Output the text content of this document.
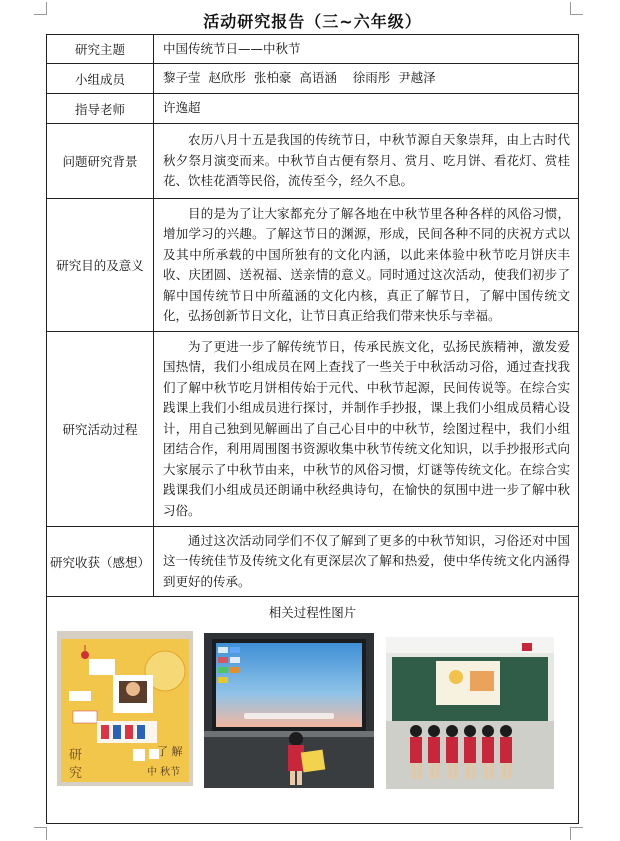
活动研究报告（三~六年级）
研究主题	中国传统节日——中秋节
小组成员	黎子莹  赵欣彤  张柏豪  高语涵    徐雨彤  尹越泽
指导老师	许逸超
问题研究背景	农历八月十五是我国的传统节日，中秋节源自天象崇拜，由上古时代秋夕祭月演变而来。中秋节自古便有祭月、赏月、吃月饼、看花灯、赏桂花、饮桂花酒等民俗，流传至今，经久不息。
研究目的及意义	目的是为了让大家都充分了解各地在中秋节里各种各样的风俗习惯，增加学习的兴趣。了解这节日的渊源，形成，民间各种不同的庆祝方式以及其中所承载的中国所独有的文化内涵，以此来体验中秋节吃月饼庆丰收、庆团圆、送祝福、送亲情的意义。同时通过这次活动，使我们初步了解中国传统节日中所蕴涵的文化内核，真正了解节日，了解中国传统文化，弘扬创新节日文化，让节日真正给我们带来快乐与幸福。
研究活动过程	为了更进一步了解传统节日，传承民族文化，弘扬民族精神，激发爱国热情，我们小组成员在网上查找了一些关于中秋活动习俗，通过查找我们了解中秋节吃月饼相传始于元代、中秋节起源，民间传说等。在综合实践课上我们小组成员进行探讨，并制作手抄报，课上我们小组成员精心设计，用自己独到见解画出了自己心目中的中秋节，绘图过程中，我们小组团结合作，利用周围图书资源收集中秋节传统文化知识，以手抄报形式向大家展示了中秋节由来，中秋节的风俗习惯，灯谜等传统文化。在综合实践课我们小组成员还朗诵中秋经典诗句，在愉快的氛围中进一步了解中秋习俗。
研究收获（感想）	通过这次活动同学们不仅了解到了更多的中秋节知识，习俗还对中国这一传统佳节及传统文化有更深层次了解和热爱，使中华传统文化内涵得到更好的传承。

相关过程性图片
研
究
了 解
中 秋节	
